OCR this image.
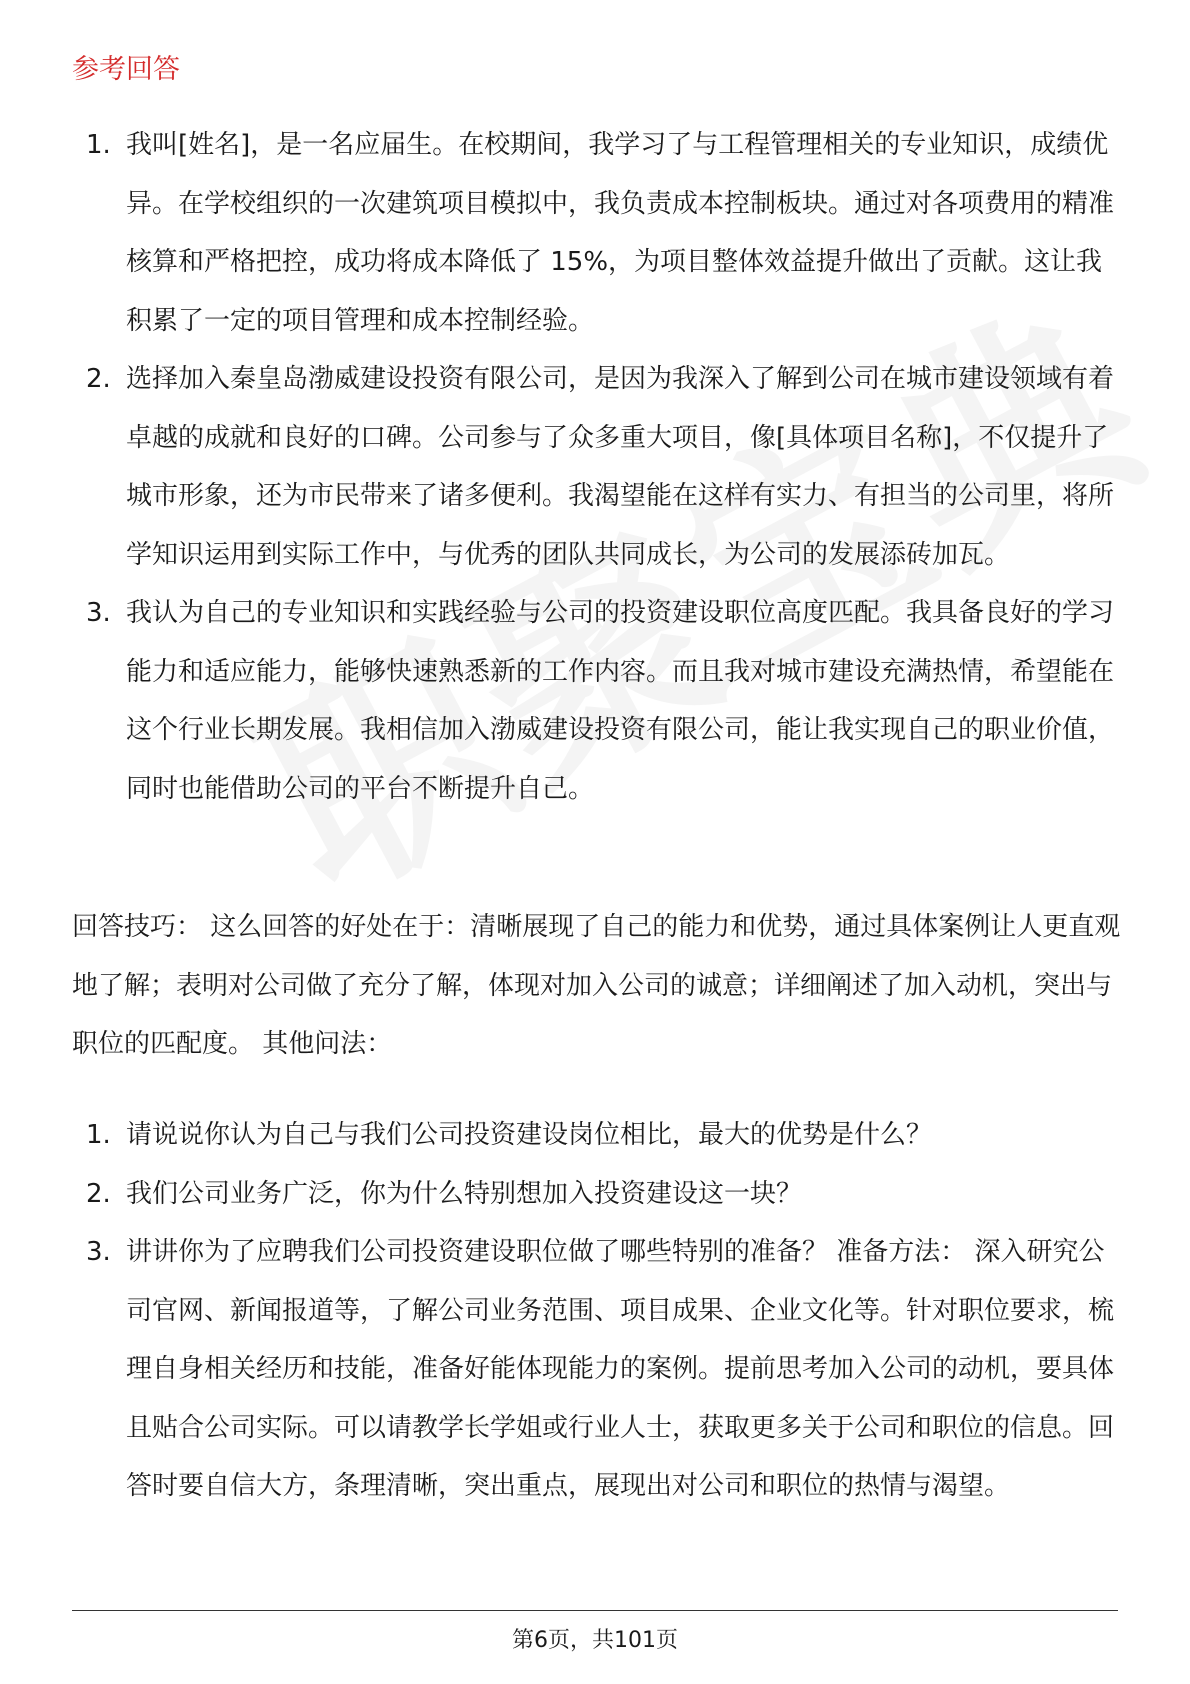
参考回答
1. 我叫[姓名]，是一名应届生。在校期间，我学习了与工程管理相关的专业知识，成绩优异。在学校组织的一次建筑项目模拟中，我负责成本控制板块。通过对各项费用的精准核算和严格把控，成功将成本降低了 15%，为项目整体效益提升做出了贡献。这让我积累了一定的项目管理和成本控制经验。
2. 选择加入秦皇岛渤威建设投资有限公司，是因为我深入了解到公司在城市建设领域有着卓越的成就和良好的口碑。公司参与了众多重大项目，像[具体项目名称]，不仅提升了城市形象，还为市民带来了诸多便利。我渴望能在这样有实力、有担当的公司里，将所学知识运用到实际工作中，与优秀的团队共同成长，为公司的发展添砖加瓦。
3. 我认为自己的专业知识和实践经验与公司的投资建设职位高度匹配。我具备良好的学习能力和适应能力，能够快速熟悉新的工作内容。而且我对城市建设充满热情，希望能在这个行业长期发展。我相信加入渤威建设投资有限公司，能让我实现自己的职业价值，同时也能借助公司的平台不断提升自己。

回答技巧： 这么回答的好处在于：清晰展现了自己的能力和优势，通过具体案例让人更直观地了解；表明对公司做了充分了解，体现对加入公司的诚意；详细阐述了加入动机，突出与职位的匹配度。 其他问法：

1. 请说说你认为自己与我们公司投资建设岗位相比，最大的优势是什么？
2. 我们公司业务广泛，你为什么特别想加入投资建设这一块？
3. 讲讲你为了应聘我们公司投资建设职位做了哪些特别的准备？ 准备方法： 深入研究公司官网、新闻报道等，了解公司业务范围、项目成果、企业文化等。针对职位要求，梳理自身相关经历和技能，准备好能体现能力的案例。提前思考加入公司的动机，要具体且贴合公司实际。可以请教学长学姐或行业人士，获取更多关于公司和职位的信息。回答时要自信大方，条理清晰，突出重点，展现出对公司和职位的热情与渴望。
第6页，共101页
